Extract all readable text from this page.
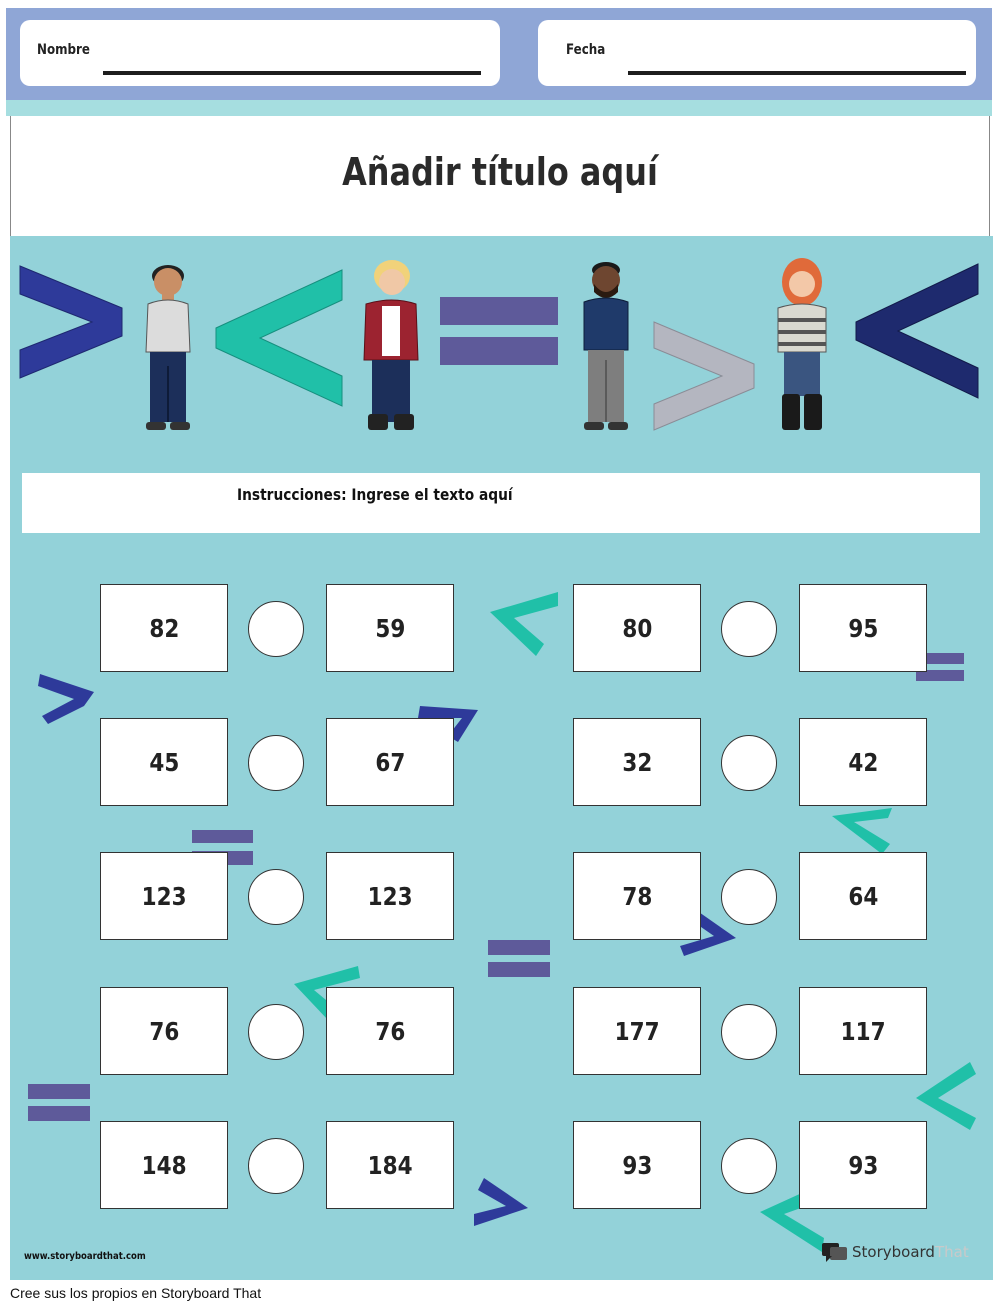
Nombre	Fecha
Añadir título aquí
Instrucciones: Ingrese el texto aquí
82	59	80	95
45	67	32	42
123	123	78	64
76	76	177	117
148	184	93	93
www.storyboardthat.com	Storyboard That
Cree sus los propios en Storyboard That
